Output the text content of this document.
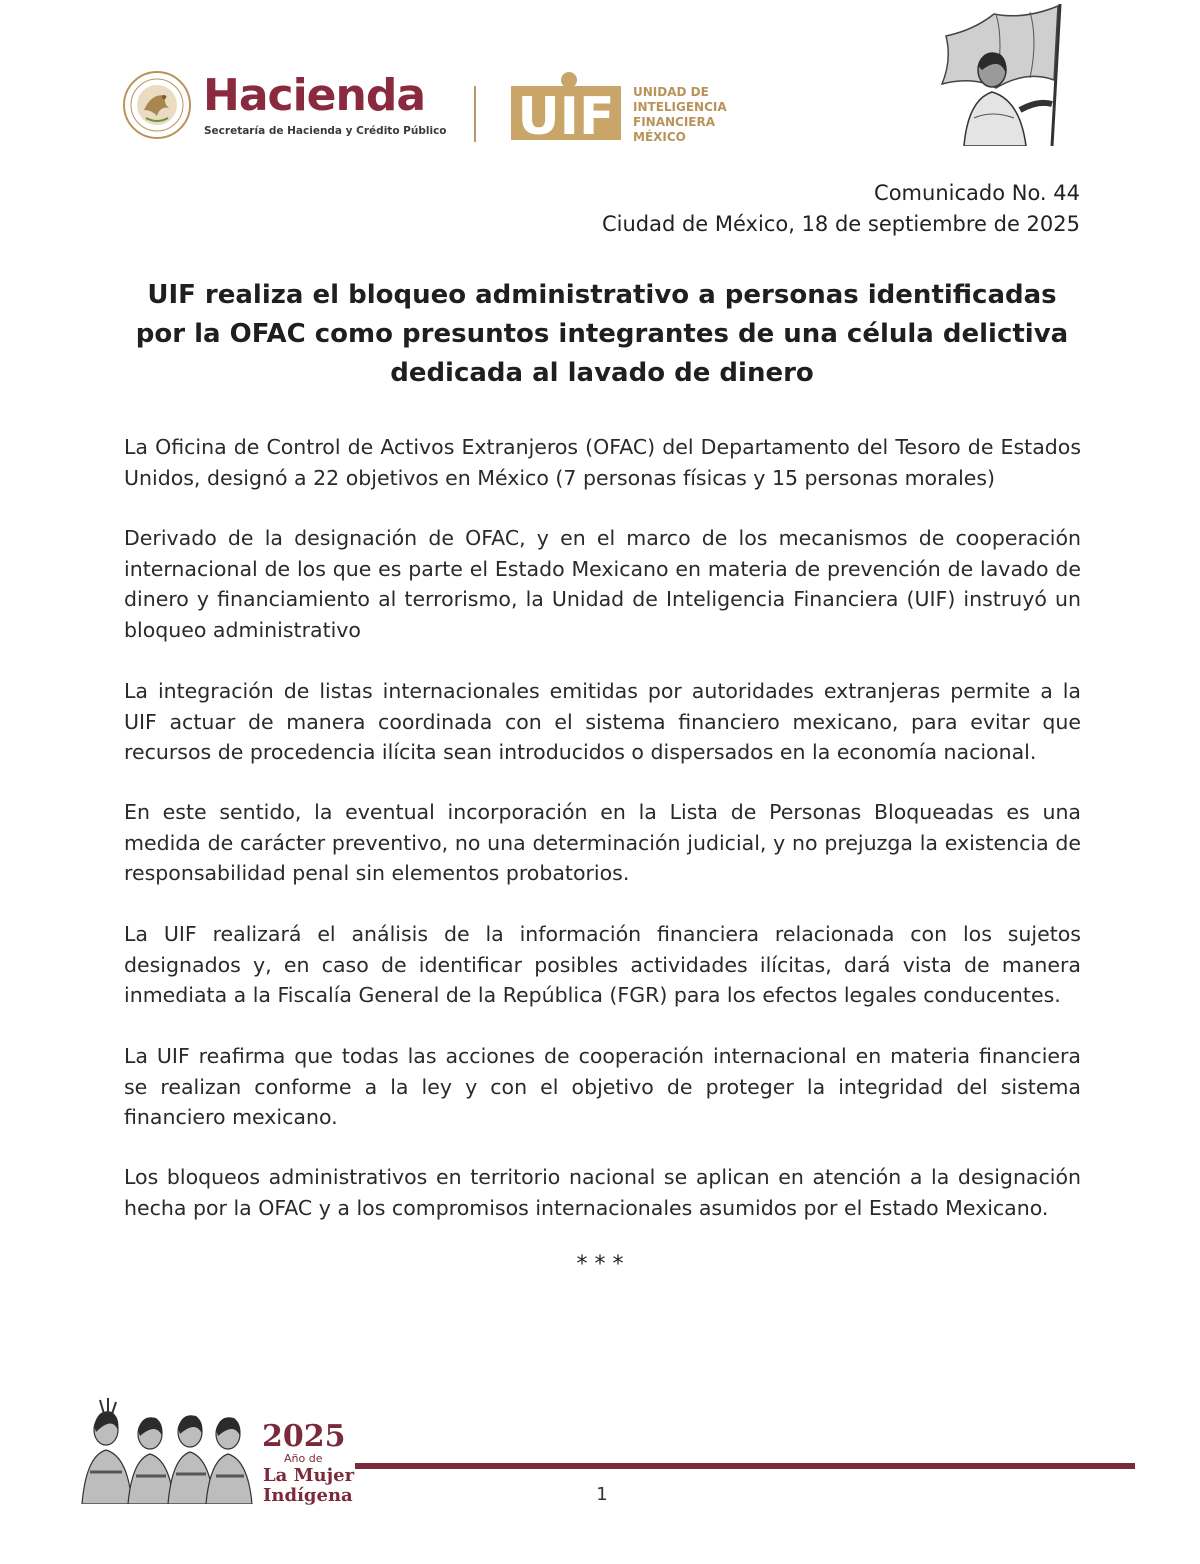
Hacienda
Secretaría de Hacienda y Crédito Público UIF UNIDAD DE
INTELIGENCIA
FINANCIERA
MÉXICO
Comunicado No. 44
Ciudad de México, 18 de septiembre de 2025
UIF realiza el bloqueo administrativo a personas identificadas por la OFAC como presuntos integrantes de una célula delictiva dedicada al lavado de dinero

La Oficina de Control de Activos Extranjeros (OFAC) del Departamento del Tesoro de Estados Unidos, designó a 22 objetivos en México (7 personas físicas y 15 personas morales)

Derivado de la designación de OFAC, y en el marco de los mecanismos de cooperación internacional de los que es parte el Estado Mexicano en materia de prevención de lavado de dinero y financiamiento al terrorismo, la Unidad de Inteligencia Financiera (UIF) instruyó un bloqueo administrativo

La integración de listas internacionales emitidas por autoridades extranjeras permite a la UIF actuar de manera coordinada con el sistema financiero mexicano, para evitar que recursos de procedencia ilícita sean introducidos o dispersados en la economía nacional.

En este sentido, la eventual incorporación en la Lista de Personas Bloqueadas es una medida de carácter preventivo, no una determinación judicial, y no prejuzga la existencia de responsabilidad penal sin elementos probatorios.

La UIF realizará el análisis de la información financiera relacionada con los sujetos designados y, en caso de identificar posibles actividades ilícitas, dará vista de manera inmediata a la Fiscalía General de la República (FGR) para los efectos legales conducentes.

La UIF reafirma que todas las acciones de cooperación internacional en materia financiera se realizan conforme a la ley y con el objetivo de proteger la integridad del sistema financiero mexicano.

Los bloqueos administrativos en territorio nacional se aplican en atención a la designación hecha por la OFAC y a los compromisos internacionales asumidos por el Estado Mexicano.

* * *
2025
Año de
La Mujer
Indígena	1
